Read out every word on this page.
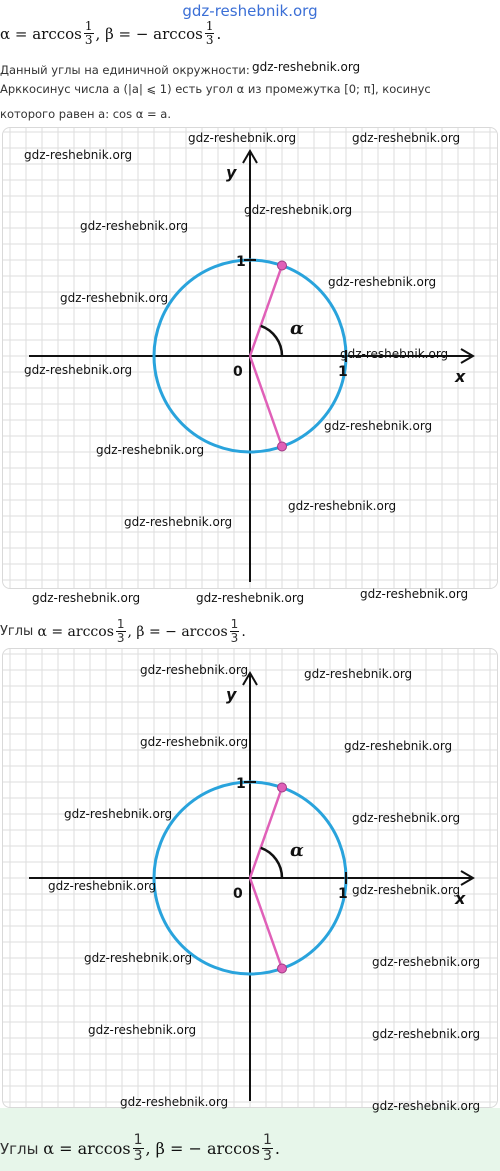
gdz-reshebnik.org
$\alpha = \arccos \frac{1}{3}$ , β = − $\arccos \frac{1}{3}$ .
Данный углы на единичной окружности:
Арккосинус числа a (|a| ⩽ 1) есть угол α из промежутка [0; π], косинус
которого равен a: cos α = a.
gdz-reshebnik.org
x
y
0	1
1
α
gdz-reshebnik.org	gdz-reshebnik.org
gdz-reshebnik.org
gdz-reshebnik.org
gdz-reshebnik.org
gdz-reshebnik.org
gdz-reshebnik.org
gdz-reshebnik.org
gdz-reshebnik.org
gdz-reshebnik.org
gdz-reshebnik.org
gdz-reshebnik.org
gdz-reshebnik.org
gdz-reshebnik.org	gdz-reshebnik.org	gdz-reshebnik.org
Углы
$\alpha = \arccos \frac{1}{3}$ , β = − $\arccos \frac{1}{3}$ .
x
y
0	1
1
α
gdz-reshebnik.org	gdz-reshebnik.org
gdz-reshebnik.org	gdz-reshebnik.org
gdz-reshebnik.org	gdz-reshebnik.org
gdz-reshebnik.org	gdz-reshebnik.org
gdz-reshebnik.org	gdz-reshebnik.org
gdz-reshebnik.org	gdz-reshebnik.org
gdz-reshebnik.org	gdz-reshebnik.org
Углы
$\alpha = \arccos \frac{1}{3}$ , β = − $\arccos \frac{1}{3}$ .
